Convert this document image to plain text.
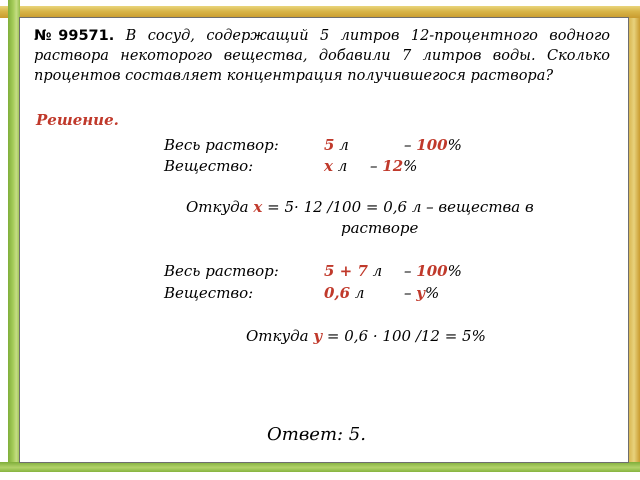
№99571. В сосуд, содержащий 5 литров 12-процентного водного раствора некоторого вещества, добавили 7 литров воды. Сколько процентов составляет концентрация получившегося раствора?
Решение.
Весь раствор:	5 л	– 100%
Вещество:	x л – 12%
Откуда x = 5· 12 /100 = 0,6 л – вещества в
растворе
Весь раствор:	5 + 7 л – 100%
Вещество:	0,6 л	– y%
Откуда y = 0,6 · 100 /12 = 5%
Ответ: 5.
